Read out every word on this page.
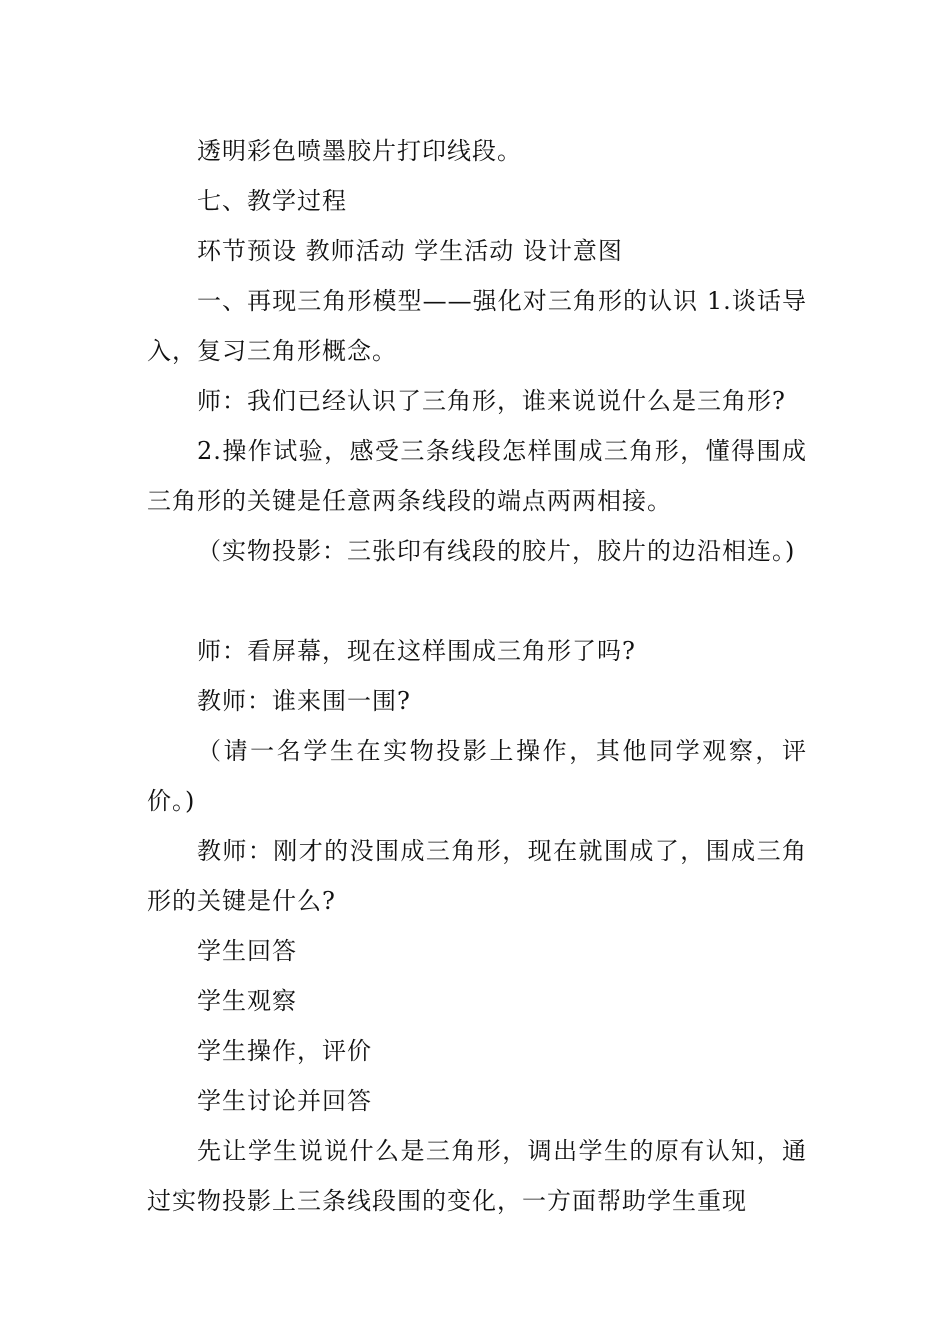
透明彩色喷墨胶片打印线段。

七、教学过程

环节预设 教师活动 学生活动 设计意图

一、再现三角形模型——强化对三角形的认识 1.谈话导入，复习三角形概念。

师：我们已经认识了三角形，谁来说说什么是三角形?

2.操作试验，感受三条线段怎样围成三角形，懂得围成三角形的关键是任意两条线段的端点两两相接。

（实物投影：三张印有线段的胶片，胶片的边沿相连。)

师：看屏幕，现在这样围成三角形了吗?

教师：谁来围一围?

（请一名学生在实物投影上操作，其他同学观察，评价。)

教师：刚才的没围成三角形，现在就围成了，围成三角形的关键是什么?

学生回答

学生观察

学生操作，评价

学生讨论并回答

先让学生说说什么是三角形，调出学生的原有认知，通过实物投影上三条线段围的变化，一方面帮助学生重现
